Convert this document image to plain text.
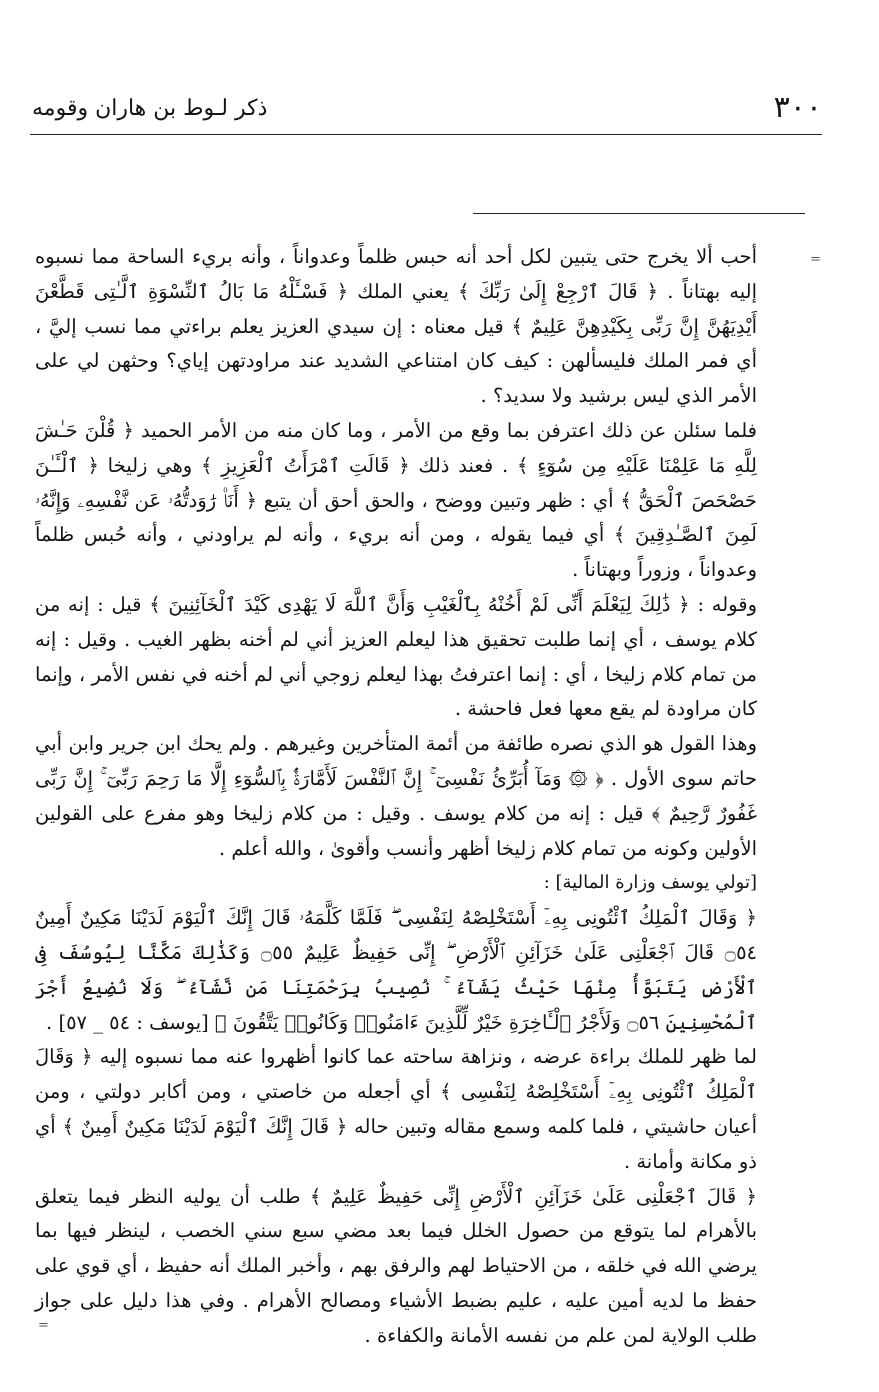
٣٠٠
ذكر لـوط بن هاران وقومه
=

أحب ألا يخرج حتى يتبين لكل أحد أنه حبس ظلماً وعدواناً ، وأنه بريء الساحة مما نسبوه إليه بهتاناً . ﴿ قَالَ ٱرْجِعْ إِلَىٰ رَبِّكَ ﴾ يعني الملك ﴿ فَسْـَٔلْهُ مَا بَالُ ٱلنِّسْوَةِ ٱلَّـٰتِى قَطَّعْنَ أَيْدِيَهُنَّ إِنَّ رَبِّى بِكَيْدِهِنَّ عَلِيمٌ ﴾ قيل معناه : إن سيدي العزيز يعلم براءتي مما نسب إليَّ ، أي فمر الملك فليسألهن : كيف كان امتناعي الشديد عند مراودتهن إياي؟ وحثهن لي على الأمر الذي ليس برشيد ولا سديد؟ .

فلما سئلن عن ذلك اعترفن بما وقع من الأمر ، وما كان منه من الأمر الحميد ﴿ قُلْنَ حَـٰشَ لِلَّهِ مَا عَلِمْنَا عَلَيْهِ مِن سُوٓءٍ ﴾ . فعند ذلك ﴿ قَالَتِ ٱمْرَأَتُ ٱلْعَزِيزِ ﴾ وهي زليخا ﴿ ٱلْـَٔـٰنَ حَصْحَصَ ٱلْحَقُّ ﴾ أي : ظهر وتبين ووضح ، والحق أحق أن يتبع ﴿ أَنَا۠ رَٰوَدتُّهُۥ عَن نَّفْسِهِۦ وَإِنَّهُۥ لَمِنَ ٱلصَّـٰدِقِينَ ﴾ أي فيما يقوله ، ومن أنه بريء ، وأنه لم يراودني ، وأنه حُبس ظلماً وعدواناً ، وزوراً وبهتاناً .

وقوله : ﴿ ذَٰلِكَ لِيَعْلَمَ أَنِّى لَمْ أَخُنْهُ بِٱلْغَيْبِ وَأَنَّ ٱللَّهَ لَا يَهْدِى كَيْدَ ٱلْخَآئِنِينَ ﴾ قيل : إنه من كلام يوسف ، أي إنما طلبت تحقيق هذا ليعلم العزيز أني لم أخنه بظهر الغيب . وقيل : إنه من تمام كلام زليخا ، أي : إنما اعترفتُ بهذا ليعلم زوجي أني لم أخنه في نفس الأمر ، وإنما كان مراودة لم يقع معها فعل فاحشة .

وهذا القول هو الذي نصره طائفة من أئمة المتأخرين وغيرهم . ولم يحك ابن جرير وابن أبي حاتم سوى الأول . ﴿ ۞ وَمَآ أُبَرِّئُ نَفْسِىٓ ۚ إِنَّ ٱلنَّفْسَ لَأَمَّارَةٌۢ بِٱلسُّوٓءِ إِلَّا مَا رَحِمَ رَبِّىٓ ۚ إِنَّ رَبِّى غَفُورٌ رَّحِيمٌ ﴾ قيل : إنه من كلام يوسف . وقيل : من كلام زليخا وهو مفرع على القولين الأولين وكونه من تمام كلام زليخا أظهر وأنسب وأقوىٰ ، والله أعلم .

[تولي يوسف وزارة المالية] :

﴿ وَقَالَ ٱلْمَلِكُ ٱئْتُونِى بِهِۦٓ أَسْتَخْلِصْهُ لِنَفْسِى ۖ فَلَمَّا كَلَّمَهُۥ قَالَ إِنَّكَ ٱلْيَوْمَ لَدَيْنَا مَكِينٌ أَمِينٌ ۝٥٤ قَالَ ٱجْعَلْنِى عَلَىٰ خَزَآئِنِ ٱلْأَرْضِ ۖ إِنِّى حَفِيظٌ عَلِيمٌ ۝٥٥ وَكَذَٰلِكَ مَكَّنَّا لِيُوسُفَ فِى ٱلْأَرْضِ يَتَبَوَّأُ مِنْهَا حَيْثُ يَشَآءُ ۚ نُصِيبُ بِرَحْمَتِنَا مَن نَّشَآءُ ۖ وَلَا نُضِيعُ أَجْرَ ٱلْمُحْسِنِينَ ۝٥٦ وَلَأَجْرُ ٱلْـَٔاخِرَةِ خَيْرٌ لِّلَّذِينَ ءَامَنُوا۟ وَكَانُوا۟ يَتَّقُونَ ﴾ [يوسف : ٥٤ _ ٥٧] .

لما ظهر للملك براءة عرضه ، ونزاهة ساحته عما كانوا أظهروا عنه مما نسبوه إليه ﴿ وَقَالَ ٱلْمَلِكُ ٱئْتُونِى بِهِۦٓ أَسْتَخْلِصْهُ لِنَفْسِى ﴾ أي أجعله من خاصتي ، ومن أكابر دولتي ، ومن أعيان حاشيتي ، فلما كلمه وسمع مقاله وتبين حاله ﴿ قَالَ إِنَّكَ ٱلْيَوْمَ لَدَيْنَا مَكِينٌ أَمِينٌ ﴾ أي ذو مكانة وأمانة .

﴿ قَالَ ٱجْعَلْنِى عَلَىٰ خَزَآئِنِ ٱلْأَرْضِ إِنِّى حَفِيظٌ عَلِيمٌ ﴾ طلب أن يوليه النظر فيما يتعلق بالأهرام لما يتوقع من حصول الخلل فيما بعد مضي سبع سني الخصب ، لينظر فيها بما يرضي الله في خلقه ، من الاحتياط لهم والرفق بهم ، وأخبر الملك أنه حفيظ ، أي قوي على حفظ ما لديه أمين عليه ، عليم بضبط الأشياء ومصالح الأهرام . وفي هذا دليل على جواز طلب الولاية لمن علم من نفسه الأمانة والكفاءة .

=
